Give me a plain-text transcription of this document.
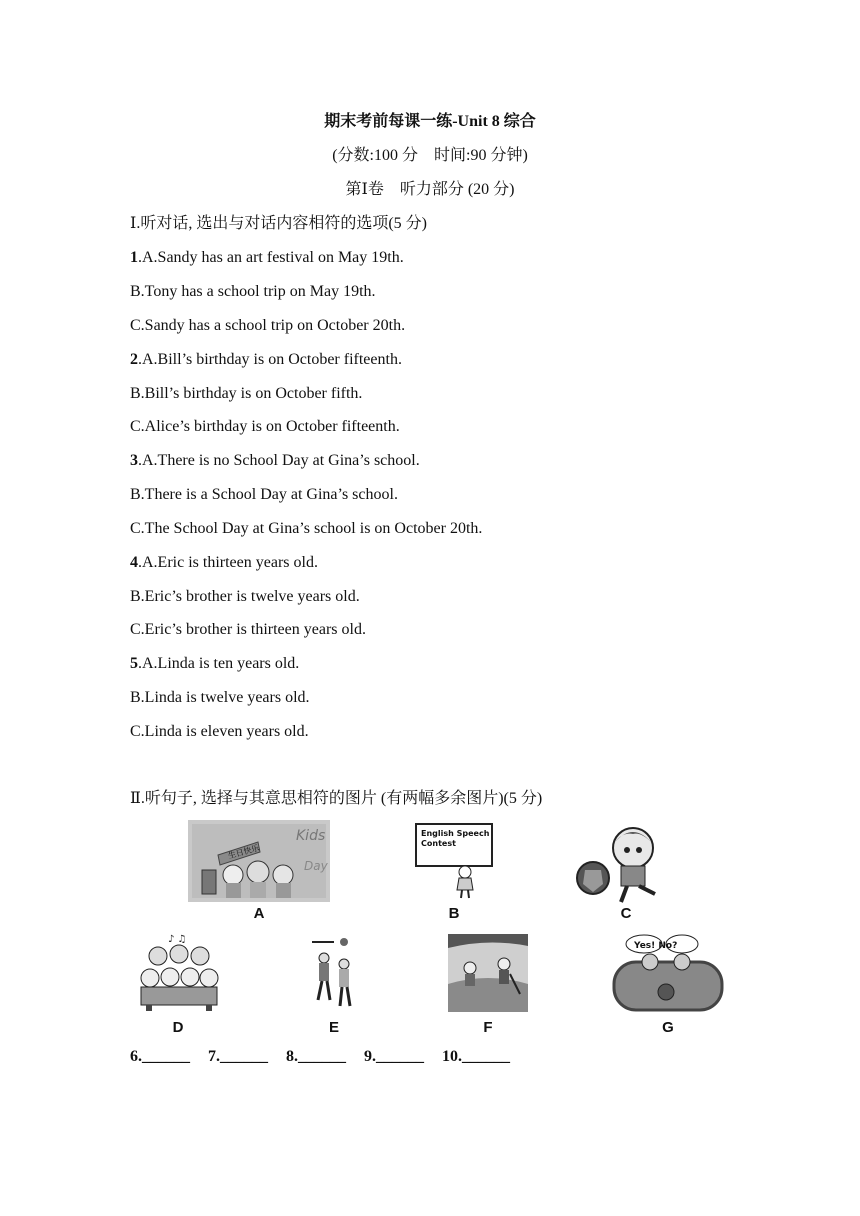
期末考前每课一练-Unit 8 综合
(分数:100 分　时间:90 分钟)
第Ⅰ卷　听力部分 (20 分)
Ⅰ.听对话, 选出与对话内容相符的选项(5 分)
1.A.Sandy has an art festival on May 19th.
B.Tony has a school trip on May 19th.
C.Sandy has a school trip on October 20th.
2.A.Bill’s birthday is on October fifteenth.
B.Bill’s birthday is on October fifth.
C.Alice’s birthday is on October fifteenth.
3.A.There is no School Day at Gina’s school.
B.There is a School Day at Gina’s school.
C.The School Day at Gina’s school is on October 20th.
4.A.Eric is thirteen years old.
B.Eric’s brother is twelve years old.
C.Eric’s brother is thirteen years old.
5.A.Linda is ten years old.
B.Linda is twelve years old.
C.Linda is eleven years old.
Ⅱ.听句子, 选择与其意思相符的图片 (有两幅多余图片)(5 分)
生日快乐
Kids
Day
A
English Speech
Contest
B	C
♪ ♫
D	E	F
Yes! No?
G
6.______ 7.______ 8.______ 9.______ 10.______
